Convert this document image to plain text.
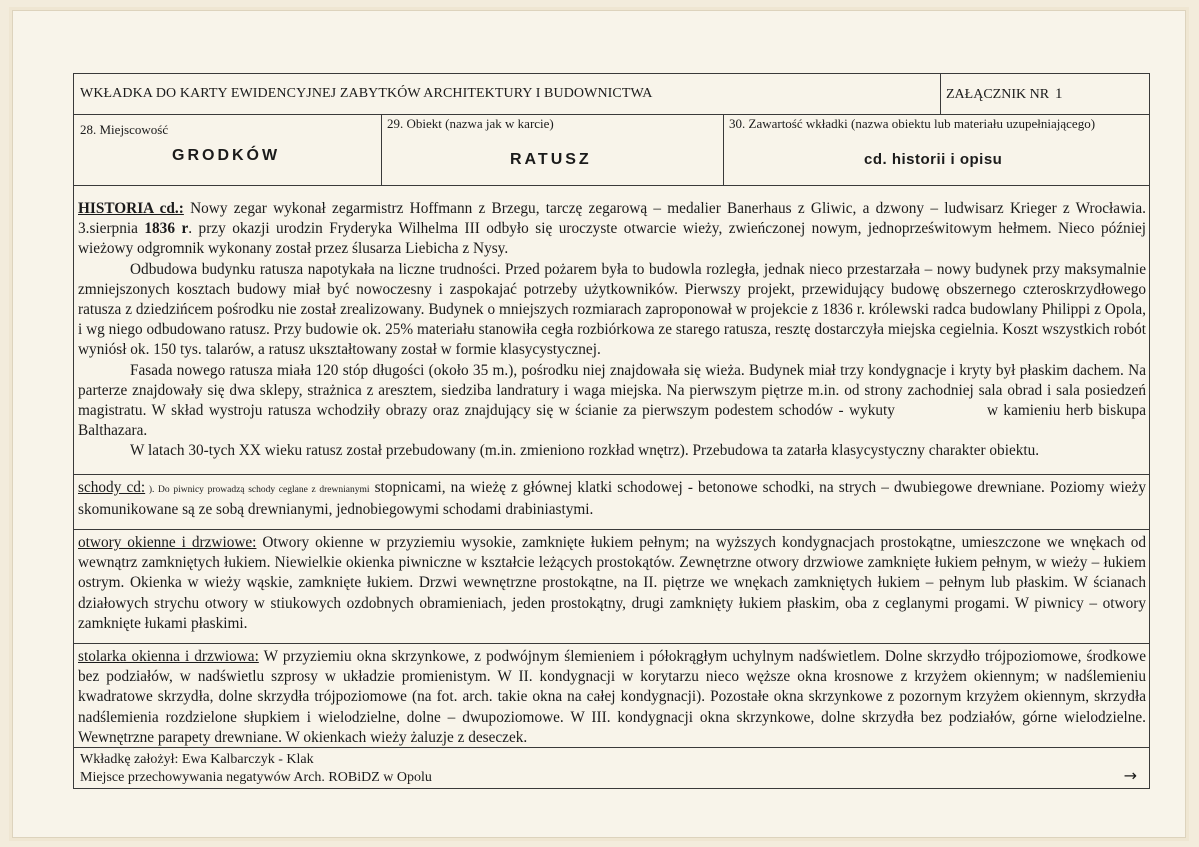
WKŁADKA DO KARTY EWIDENCYJNEJ ZABYTKÓW ARCHITEKTURY I BUDOWNICTWA	ZAŁĄCZNIK NR 1
28. Miejscowość
GRODKÓW
29. Obiekt (nazwa jak w karcie)
RATUSZ
30. Zawartość wkładki (nazwa obiektu lub materiału uzupełniającego)
cd. historii i opisu

HISTORIA cd.: Nowy zegar wykonał zegarmistrz Hoffmann z Brzegu, tarczę zegarową – medalier Banerhaus z Gliwic, a dzwony – ludwisarz Krieger z Wrocławia. 3.sierpnia 1836 r. przy okazji urodzin Fryderyka Wilhelma III odbyło się uroczyste otwarcie wieży, zwieńczonej nowym, jednoprześwitowym hełmem. Nieco później wieżowy odgromnik wykonany został przez ślusarza Liebicha z Nysy.

Odbudowa budynku ratusza napotykała na liczne trudności. Przed pożarem była to budowla rozległa, jednak nieco przestarzała – nowy budynek przy maksymalnie zmniejszonych kosztach budowy miał być nowoczesny i zaspokajać potrzeby użytkowników. Pierwszy projekt, przewidujący budowę obszernego czteroskrzydłowego ratusza z dziedzińcem pośrodku nie został zrealizowany. Budynek o mniejszych rozmiarach zaproponował w projekcie z 1836 r. królewski radca budowlany Philippi z Opola, i wg niego odbudowano ratusz. Przy budowie ok. 25% materiału stanowiła cegła rozbiórkowa ze starego ratusza, resztę dostarczyła miejska cegielnia. Koszt wszystkich robót wyniósł ok. 150 tys. talarów, a ratusz ukształtowany został w formie klasycystycznej.

Fasada nowego ratusza miała 120 stóp długości (około 35 m.), pośrodku niej znajdowała się wieża. Budynek miał trzy kondygnacje i kryty był płaskim dachem. Na parterze znajdowały się dwa sklepy, strażnica z aresztem, siedziba landratury i waga miejska. Na pierwszym piętrze m.in. od strony zachodniej sala obrad i sala posiedzeń magistratu. W skład wystroju ratusza wchodziły obrazy oraz znajdujący się w ścianie za pierwszym podestem schodów - wykuty	w kamieniu herb biskupa Balthazara.

W latach 30-tych XX wieku ratusz został przebudowany (m.in. zmieniono rozkład wnętrz). Przebudowa ta zatarła klasycystyczny charakter obiektu.

schody cd: ). Do piwnicy prowadzą schody ceglane z drewnianymi stopnicami, na wieżę z głównej klatki schodowej - betonowe schodki, na strych – dwubiegowe drewniane. Poziomy wieży skomunikowane są ze sobą drewnianymi, jednobiegowymi schodami drabiniastymi.

otwory okienne i drzwiowe: Otwory okienne w przyziemiu wysokie, zamknięte łukiem pełnym; na wyższych kondygnacjach prostokątne, umieszczone we wnękach od wewnątrz zamkniętych łukiem. Niewielkie okienka piwniczne w kształcie leżących prostokątów. Zewnętrzne otwory drzwiowe zamknięte łukiem pełnym, w wieży – łukiem ostrym. Okienka w wieży wąskie, zamknięte łukiem. Drzwi wewnętrzne prostokątne, na II. piętrze we wnękach zamkniętych łukiem – pełnym lub płaskim. W ścianach działowych strychu otwory w stiukowych ozdobnych obramieniach, jeden prostokątny, drugi zamknięty łukiem płaskim, oba z ceglanymi progami. W piwnicy – otwory zamknięte łukami płaskimi.

stolarka okienna i drzwiowa: W przyziemiu okna skrzynkowe, z podwójnym ślemieniem i półokrągłym uchylnym nadświetlem. Dolne skrzydło trójpoziomowe, środkowe bez podziałów, w nadświetlu szprosy w układzie promienistym. W II. kondygnacji w korytarzu nieco węższe okna krosnowe z krzyżem okiennym; w nadślemieniu kwadratowe skrzydła, dolne skrzydła trójpoziomowe (na fot. arch. takie okna na całej kondygnacji). Pozostałe okna skrzynkowe z pozornym krzyżem okiennym, skrzydła nadślemienia rozdzielone słupkiem i wielodzielne, dolne – dwupoziomowe. W III. kondygnacji okna skrzynkowe, dolne skrzydła bez podziałów, górne wielodzielne. Wewnętrzne parapety drewniane. W okienkach wieży żaluzje z deseczek.

Wkładkę założył: Ewa Kalbarczyk - Klak
Miejsce przechowywania negatywów Arch. ROBiDZ w Opolu	→
